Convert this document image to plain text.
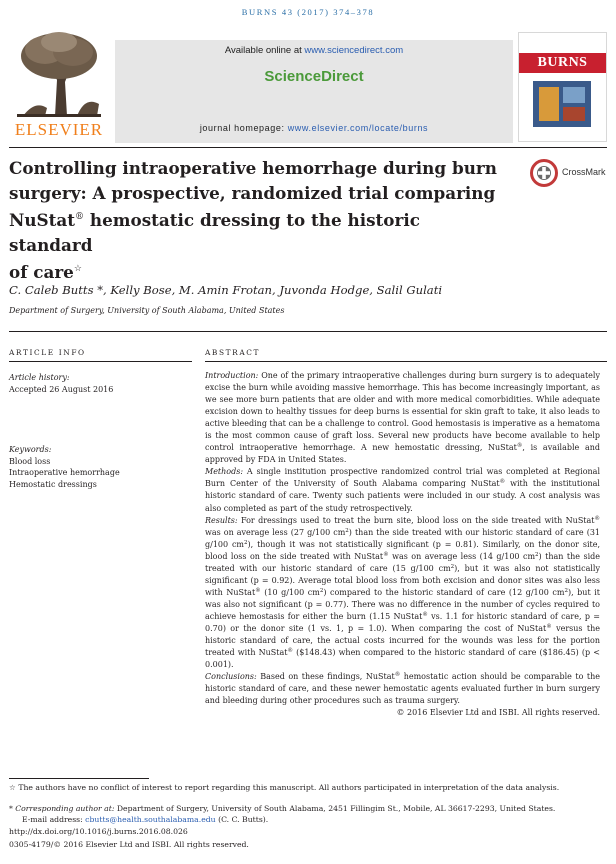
BURNS 43 (2017) 374–378
ELSEVIER
Available online at www.sciencedirect.com
ScienceDirect
journal homepage: www.elsevier.com/locate/burns
BURNS
Controlling intraoperative hemorrhage during burn
surgery: A prospective, randomized trial comparing
NuStat® hemostatic dressing to the historic standard
of care☆
CrossMark
C. Caleb Butts *, Kelly Bose, M. Amin Frotan, Juvonda Hodge, Salil Gulati
Department of Surgery, University of South Alabama, United States
ARTICLE INFO	ABSTRACT
Article history:
Accepted 26 August 2016
Keywords:
Blood loss
Intraoperative hemorrhage
Hemostatic dressings

Introduction: One of the primary intraoperative challenges during burn surgery is to adequately excise the burn while avoiding massive hemorrhage. This has become increasingly important, as we see more burn patients that are older and with more medical comorbidities. While adequate excision down to healthy tissues for deep burns is essential for skin graft to take, it also leads to active bleeding that can be a challenge to control. Good hemostasis is imperative as a hematoma is the most common cause of graft loss. Several new products have become available to help control intraoperative hemorrhage. A new hemostatic dressing, NuStat®, is available and approved by FDA in United States.

Methods: A single institution prospective randomized control trial was completed at Regional Burn Center of the University of South Alabama comparing NuStat® with the institutional historic standard of care. Twenty such patients were included in our study. A cost analysis was also completed as part of the study retrospectively.

Results: For dressings used to treat the burn site, blood loss on the side treated with NuStat® was on average less (27 g/100 $cm^2$) than the side treated with our historic standard of care (31 g/100 $cm^2$), though it was not statistically significant (p = 0.81). Similarly, on the donor site, blood loss on the side treated with NuStat® was on average less (14 g/100 $cm^2$) than the side treated with our historic standard of care (15 g/100 $cm^2$), but it was also not statistically significant (p = 0.92). Average total blood loss from both excision and donor sites was also less with NuStat® (10 g/100 $cm^2$) compared to the historic standard of care (12 g/100 $cm^2$), but it was also not significant (p = 0.77). There was no difference in the number of cycles required to achieve hemostasis for either the burn (1.15 NuStat® vs. 1.1 for historic standard of care, p = 0.70) or the donor site (1 vs. 1, p = 1.0). When comparing the cost of NuStat® versus the historic standard of care, the actual costs incurred for the wounds was less for the portion treated with NuStat® ($148.43) when compared to the historic standard of care ($186.45) (p < 0.001).

Conclusions: Based on these findings, NuStat® hemostatic action should be comparable to the historic standard of care, and these newer hemostatic agents evaluated further in burn surgery and bleeding during other procedures such as trauma surgery.

© 2016 Elsevier Ltd and ISBI. All rights reserved.

☆ The authors have no conflict of interest to report regarding this manuscript. All authors participated in interpretation of the data analysis.
* Corresponding author at: Department of Surgery, University of South Alabama, 2451 Fillingim St., Mobile, AL 36617-2293, United States.
E-mail address: cbutts@health.southalabama.edu (C. C. Butts).
http://dx.doi.org/10.1016/j.burns.2016.08.026
0305-4179/© 2016 Elsevier Ltd and ISBI. All rights reserved.
